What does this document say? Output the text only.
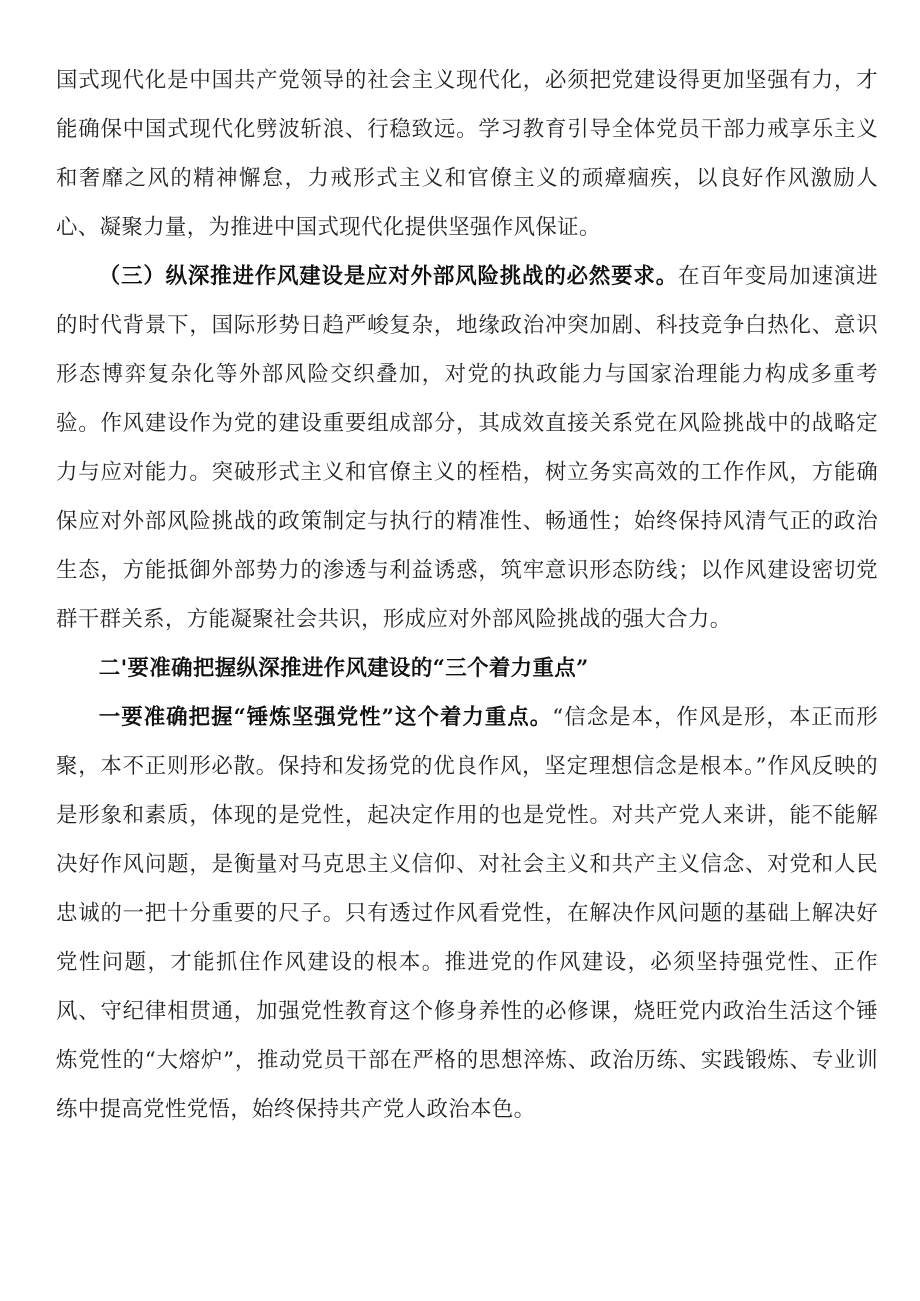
国式现代化是中国共产党领导的社会主义现代化，必须把党建设得更加坚强有力，才能确保中国式现代化劈波斩浪、行稳致远。学习教育引导全体党员干部力戒享乐主义和奢靡之风的精神懈怠，力戒形式主义和官僚主义的顽瘴痼疾，以良好作风激励人心、凝聚力量，为推进中国式现代化提供坚强作风保证。

（三）纵深推进作风建设是应对外部风险挑战的必然要求。在百年变局加速演进的时代背景下，国际形势日趋严峻复杂，地缘政治冲突加剧、科技竞争白热化、意识形态博弈复杂化等外部风险交织叠加，对党的执政能力与国家治理能力构成多重考验。作风建设作为党的建设重要组成部分，其成效直接关系党在风险挑战中的战略定力与应对能力。突破形式主义和官僚主义的桎梏，树立务实高效的工作作风，方能确保应对外部风险挑战的政策制定与执行的精准性、畅通性；始终保持风清气正的政治生态，方能抵御外部势力的渗透与利益诱惑，筑牢意识形态防线；以作风建设密切党群干群关系，方能凝聚社会共识，形成应对外部风险挑战的强大合力。

二'要准确把握纵深推进作风建设的“三个着力重点”

一要准确把握“锤炼坚强党性”这个着力重点。“信念是本，作风是形，本正而形聚，本不正则形必散。保持和发扬党的优良作风，坚定理想信念是根本。”作风反映的是形象和素质，体现的是党性，起决定作用的也是党性。对共产党人来讲，能不能解决好作风问题，是衡量对马克思主义信仰、对社会主义和共产主义信念、对党和人民忠诚的一把十分重要的尺子。只有透过作风看党性，在解决作风问题的基础上解决好党性问题，才能抓住作风建设的根本。推进党的作风建设，必须坚持强党性、正作风、守纪律相贯通，加强党性教育这个修身养性的必修课，烧旺党内政治生活这个锤炼党性的“大熔炉”，推动党员干部在严格的思想淬炼、政治历练、实践锻炼、专业训练中提高党性党悟，始终保持共产党人政治本色。
